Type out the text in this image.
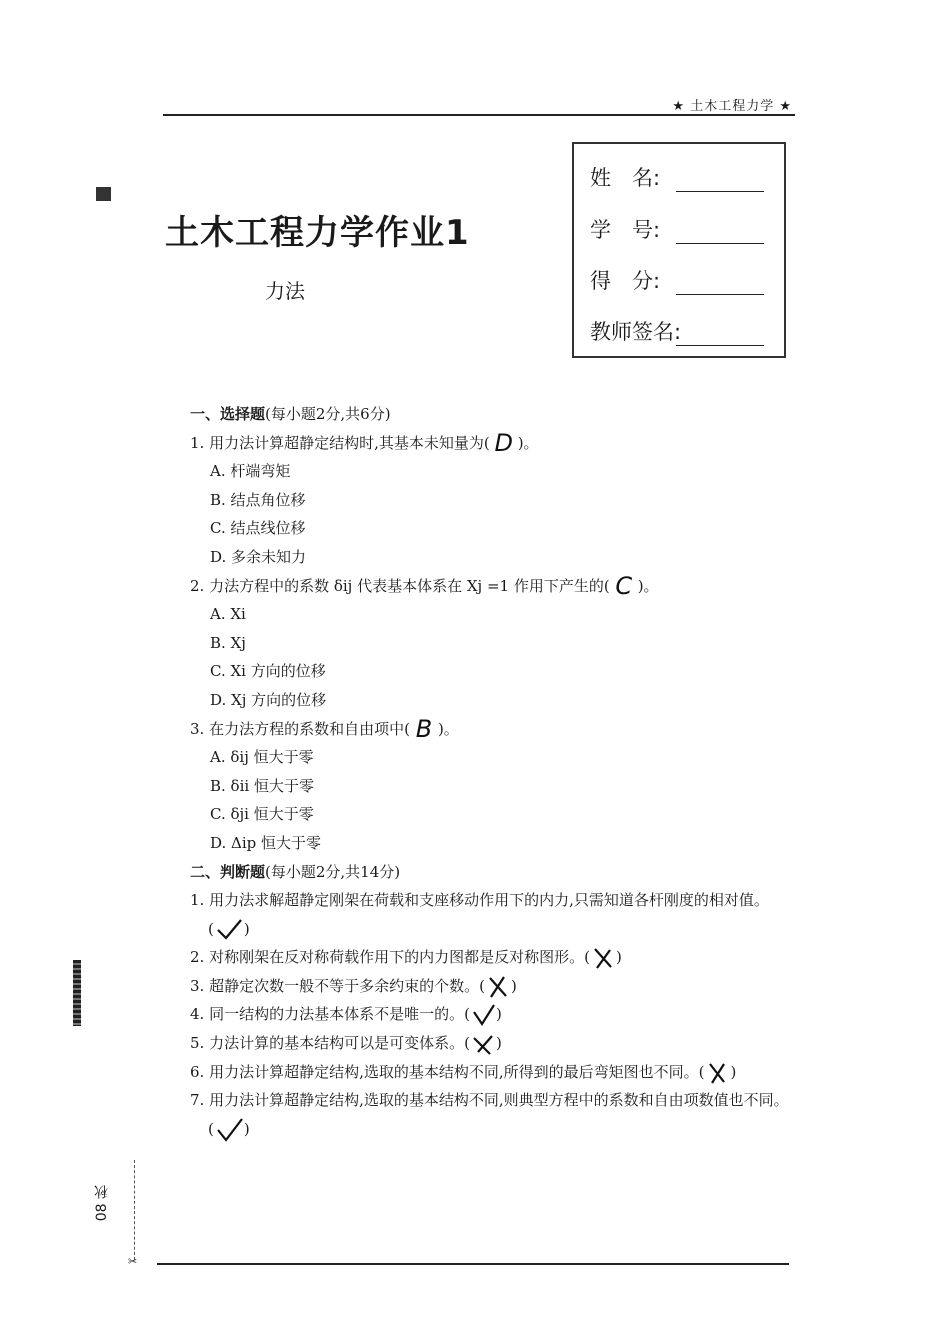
★ 土木工程力学 ★
08 秋
✂
土木工程力学作业1
力法
姓　名:
学　号:
得　分:
教师签名:
一、选择题(每小题2分,共6分)
1. 用力法计算超静定结构时,其基本未知量为( D )。
A. 杆端弯矩
B. 结点角位移
C. 结点线位移
D. 多余未知力
2. 力法方程中的系数 δij 代表基本体系在 Xj =1 作用下产生的( C )。
A. Xi
B. Xj
C. Xi 方向的位移
D. Xj 方向的位移
3. 在力法方程的系数和自由项中( B )。
A. δij 恒大于零
B. δii 恒大于零
C. δji 恒大于零
D. Δip 恒大于零
二、判断题(每小题2分,共14分)
1. 用力法求解超静定刚架在荷载和支座移动作用下的内力,只需知道各杆刚度的相对值。
( )
2. 对称刚架在反对称荷载作用下的内力图都是反对称图形。( )
3. 超静定次数一般不等于多余约束的个数。( )
4. 同一结构的力法基本体系不是唯一的。( )
5. 力法计算的基本结构可以是可变体系。( )
6. 用力法计算超静定结构,选取的基本结构不同,所得到的最后弯矩图也不同。( )
7. 用力法计算超静定结构,选取的基本结构不同,则典型方程中的系数和自由项数值也不同。
( )
